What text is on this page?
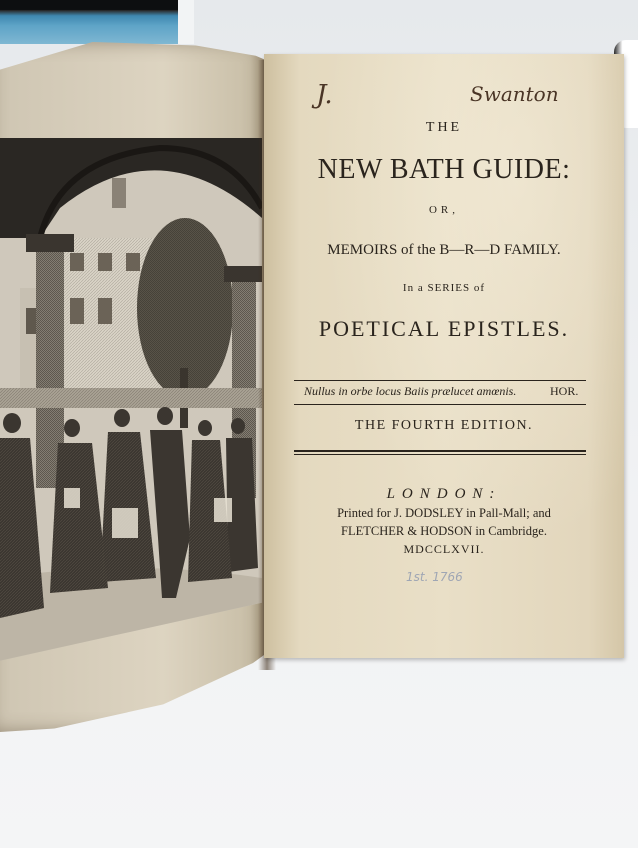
J.	Swanton
THE
NEW BATH GUIDE:
OR,
MEMOIRS of the B—R—D FAMILY.
In a SERIES of
POETICAL EPISTLES.
Nullus in orbe locus Baiis prælucet amœnis.	HOR.
THE FOURTH EDITION.
LONDON:
Printed for J. DODSLEY in Pall-Mall; and
FLETCHER & HODSON in Cambridge.
MDCCLXVII.
1st. 1766
